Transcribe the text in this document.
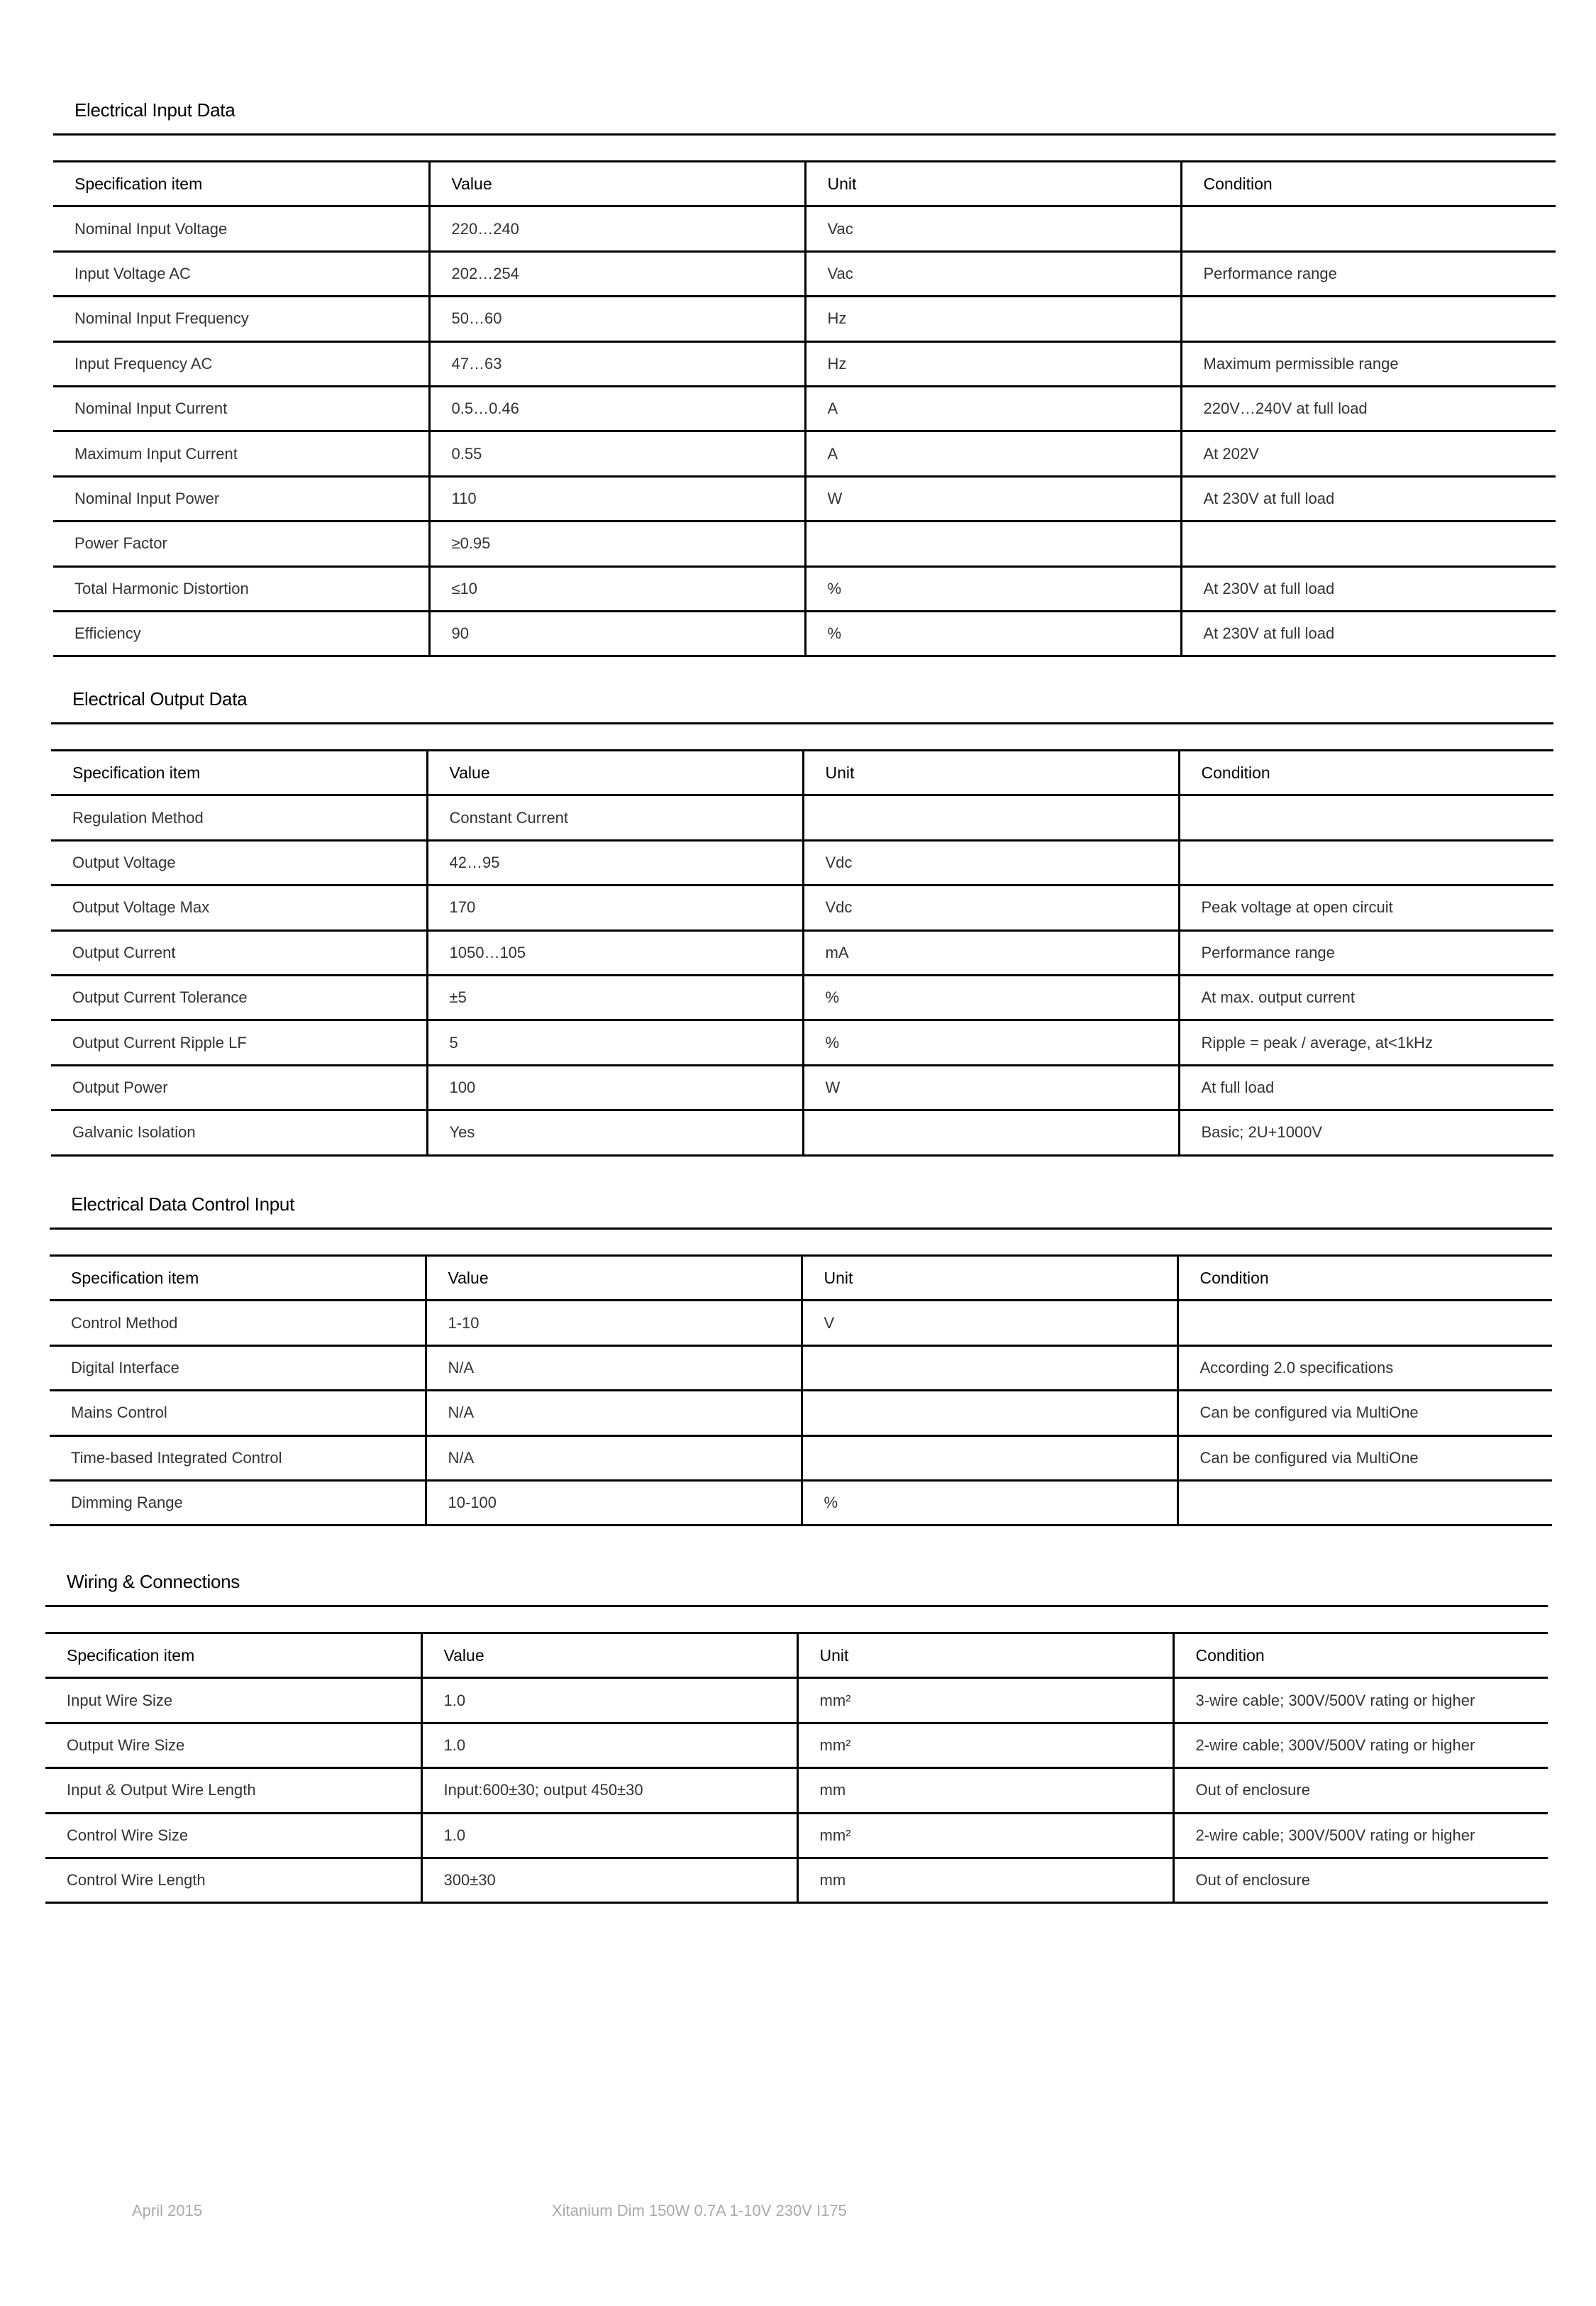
Electrical Input Data
Specification item	Value	Unit	Condition
Nominal Input Voltage	220…240	Vac	
Input Voltage AC	202…254	Vac	Performance range
Nominal Input Frequency	50…60	Hz	
Input Frequency AC	47…63	Hz	Maximum permissible range
Nominal Input Current	0.5…0.46	A	220V…240V at full load
Maximum Input Current	0.55	A	At 202V
Nominal Input Power	110	W	At 230V at full load
Power Factor	≥0.95		
Total Harmonic Distortion	≤10	%	At 230V at full load
Efficiency	90	%	At 230V at full load
Electrical Output Data
Specification item	Value	Unit	Condition
Regulation Method	Constant Current		
Output Voltage	42…95	Vdc	
Output Voltage Max	170	Vdc	Peak voltage at open circuit
Output Current	1050…105	mA	Performance range
Output Current Tolerance	±5	%	At max. output current
Output Current Ripple LF	5	%	Ripple = peak / average, at<1kHz
Output Power	100	W	At full load
Galvanic Isolation	Yes		Basic; 2U+1000V
Electrical Data Control Input
Specification item	Value	Unit	Condition
Control Method	1-10	V	
Digital Interface	N/A		According 2.0 specifications
Mains Control	N/A		Can be configured via MultiOne
Time-based Integrated Control	N/A		Can be configured via MultiOne
Dimming Range	10-100	%	
Wiring & Connections
Specification item	Value	Unit	Condition
Input Wire Size	1.0	mm²	3-wire cable; 300V/500V rating or higher
Output Wire Size	1.0	mm²	2-wire cable; 300V/500V rating or higher
Input & Output Wire Length	Input:600±30; output 450±30	mm	Out of enclosure
Control Wire Size	1.0	mm²	2-wire cable; 300V/500V rating or higher
Control Wire Length	300±30	mm	Out of enclosure
April 2015	Xitanium Dim 150W 0.7A 1-10V 230V I175
